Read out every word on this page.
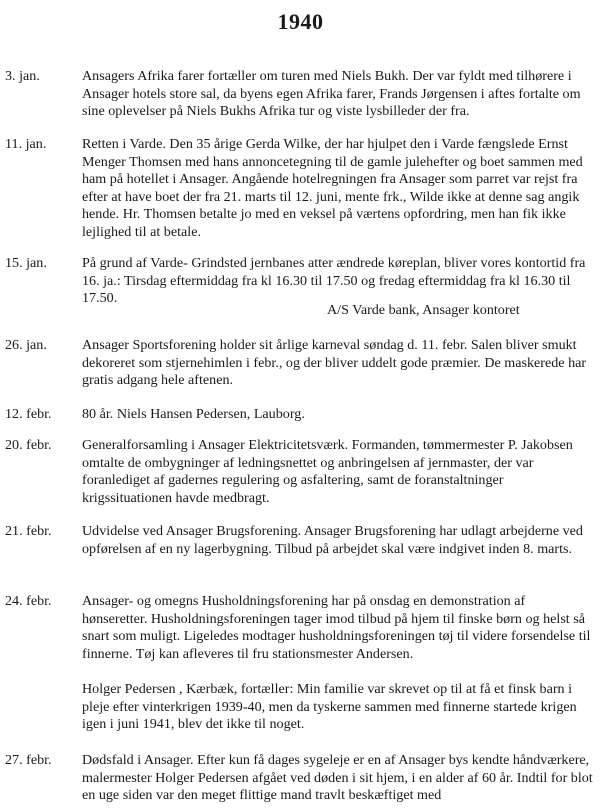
1940
3. jan.	Ansagers Afrika farer fortæller om turen med Niels Bukh. Der var fyldt med tilhørere i Ansager hotels store sal, da byens egen Afrika farer, Frands Jørgensen i aftes fortalte om sine oplevelser på Niels Bukhs Afrika tur og viste lysbilleder der fra.

11. jan.	Retten i Varde. Den 35 årige Gerda Wilke, der har hjulpet den i Varde fængslede Ernst Menger Thomsen med hans annoncetegning til de gamle julehefter og boet sammen med ham på hotellet i Ansager. Angående hotelregningen fra Ansager som parret var rejst fra efter at have boet der fra 21. marts til 12. juni, mente frk., Wilde ikke at denne sag angik hende. Hr. Thomsen betalte jo med en veksel på værtens opfordring, men han fik ikke lejlighed til at betale.

15. jan. På grund af Varde- Grindsted jernbanes atter ændrede køreplan, bliver vores kontortid fra 16. ja.: Tirsdag eftermiddag fra kl 16.30 til 17.50 og fredag eftermiddag fra kl 16.30 til 17.50.

A/S Varde bank, Ansager kontoret
26. jan. Ansager Sportsforening holder sit årlige karneval søndag d. 11. febr. Salen bliver smukt dekoreret som stjernehimlen i febr., og der bliver uddelt gode præmier. De maskerede har gratis adgang hele aftenen.

12. febr. 80 år. Niels Hansen Pedersen, Lauborg.

20. febr. Generalforsamling i Ansager Elektricitetsværk. Formanden, tømmermester P. Jakobsen omtalte de ombygninger af ledningsnettet og anbringelsen af jernmaster, der var foranlediget af gadernes regulering og asfaltering, samt de foranstaltninger krigssituationen havde medbragt.

21. febr. Udvidelse ved Ansager Brugsforening. Ansager Brugsforening har udlagt arbejderne ved opførelsen af en ny lagerbygning. Tilbud på arbejdet skal være indgivet inden 8. marts.

24. febr. Ansager- og omegns Husholdningsforening har på onsdag en demonstration af hønseretter. Husholdningsforeningen tager imod tilbud på hjem til finske børn og helst så snart som muligt. Ligeledes modtager husholdningsforeningen tøj til videre forsendelse til finnerne. Tøj kan afleveres til fru stationsmester Andersen.

Holger Pedersen , Kærbæk, fortæller: Min familie var skrevet op til at få et finsk barn i pleje efter vinterkrigen 1939-40, men da tyskerne sammen med finnerne startede krigen igen i juni 1941, blev det ikke til noget.

27. febr. Dødsfald i Ansager. Efter kun få dages sygeleje er en af Ansager bys kendte håndværkere, malermester Holger Pedersen afgået ved døden i sit hjem, i en alder af 60 år. Indtil for blot en uge siden var den meget flittige mand travlt beskæftiget med
